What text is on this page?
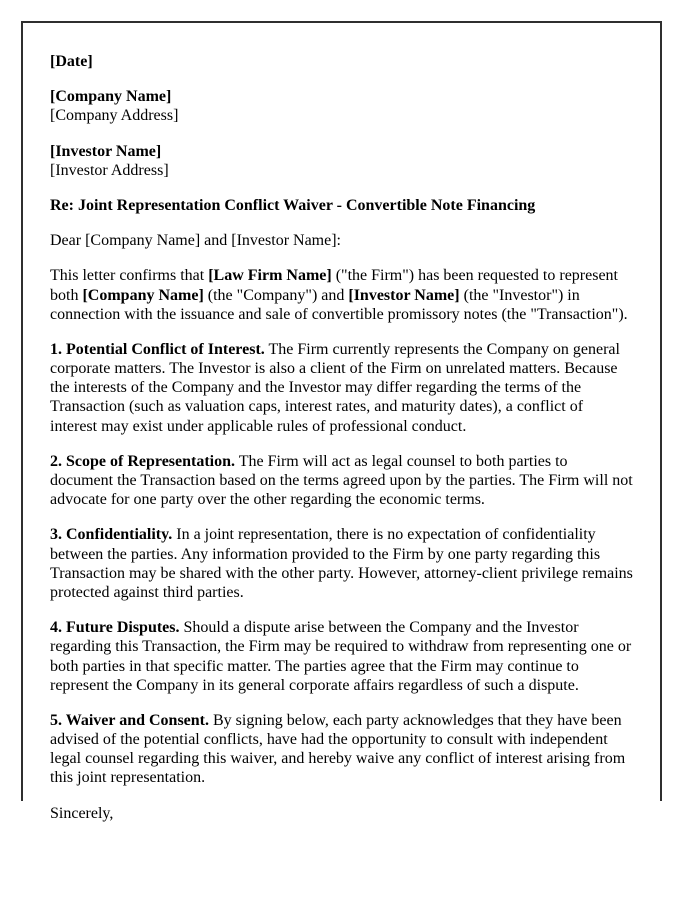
[Date]

[Company Name]
[Company Address]

[Investor Name]
[Investor Address]

Re: Joint Representation Conflict Waiver - Convertible Note Financing

Dear [Company Name] and [Investor Name]:

This letter confirms that [Law Firm Name] ("the Firm") has been requested to represent both [Company Name] (the "Company") and [Investor Name] (the "Investor") in connection with the issuance and sale of convertible promissory notes (the "Transaction").

1. Potential Conflict of Interest. The Firm currently represents the Company on general corporate matters. The Investor is also a client of the Firm on unrelated matters. Because the interests of the Company and the Investor may differ regarding the terms of the Transaction (such as valuation caps, interest rates, and maturity dates), a conflict of interest may exist under applicable rules of professional conduct.

2. Scope of Representation. The Firm will act as legal counsel to both parties to document the Transaction based on the terms agreed upon by the parties. The Firm will not advocate for one party over the other regarding the economic terms.

3. Confidentiality. In a joint representation, there is no expectation of confidentiality between the parties. Any information provided to the Firm by one party regarding this Transaction may be shared with the other party. However, attorney-client privilege remains protected against third parties.

4. Future Disputes. Should a dispute arise between the Company and the Investor regarding this Transaction, the Firm may be required to withdraw from representing one or both parties in that specific matter. The parties agree that the Firm may continue to represent the Company in its general corporate affairs regardless of such a dispute.

5. Waiver and Consent. By signing below, each party acknowledges that they have been advised of the potential conflicts, have had the opportunity to consult with independent legal counsel regarding this waiver, and hereby waive any conflict of interest arising from this joint representation.

Sincerely,
